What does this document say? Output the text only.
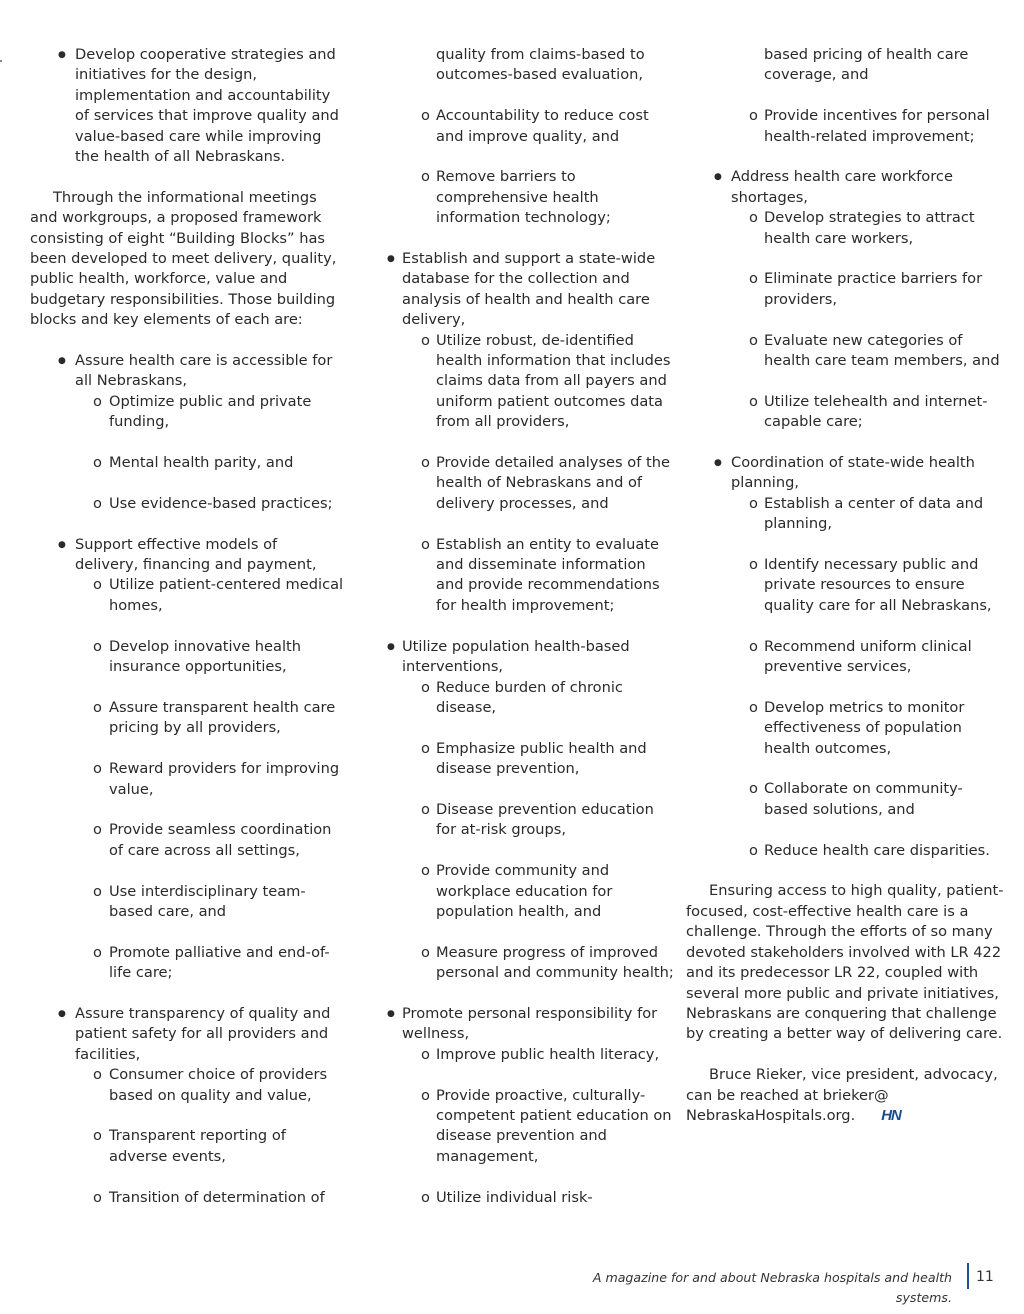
● Develop cooperative strategies and initiatives for the design, implementation and accountability of services that improve quality and value-based care while improving the health of all Nebraskans.
Through the informational meetings and workgroups, a proposed framework consisting of eight “Building Blocks” has been developed to meet delivery, quality, public health, workforce, value and budgetary responsibilities. Those building blocks and key elements of each are:
● Assure health care is accessible for all Nebraskans,
o Optimize public and private funding,
o Mental health parity, and
o Use evidence-based practices;
● Support effective models of delivery, financing and payment,
o Utilize patient-centered medical homes,
o Develop innovative health insurance opportunities,
o Assure transparent health care pricing by all providers,
o Reward providers for improving value,
o Provide seamless coordination of care across all settings,
o Use interdisciplinary team-based care, and
o Promote palliative and end-of-life care;
● Assure transparency of quality and patient safety for all providers and facilities,
o Consumer choice of providers based on quality and value,
o Transparent reporting of adverse events,
o Transition of determination of
quality from claims-based to outcomes-based evaluation,
o Accountability to reduce cost and improve quality, and
o Remove barriers to comprehensive health information technology;
● Establish and support a state-wide database for the collection and analysis of health and health care delivery,
o Utilize robust, de-identified health information that includes claims data from all payers and uniform patient outcomes data from all providers,
o Provide detailed analyses of the health of Nebraskans and of delivery processes, and
o Establish an entity to evaluate and disseminate information and provide recommendations for health improvement;
● Utilize population health-based interventions,
o Reduce burden of chronic disease,
o Emphasize public health and disease prevention,
o Disease prevention education for at-risk groups,
o Provide community and workplace education for population health, and
o Measure progress of improved personal and community health;
● Promote personal responsibility for wellness,
o Improve public health literacy,
o Provide proactive, culturally-competent patient education on disease prevention and management,
o Utilize individual risk-
based pricing of health care coverage, and
o Provide incentives for personal health-related improvement;
● Address health care workforce shortages,
o Develop strategies to attract health care workers,
o Eliminate practice barriers for providers,
o Evaluate new categories of health care team members, and
o Utilize telehealth and internet-capable care;
● Coordination of state-wide health planning,
o Establish a center of data and planning,
o Identify necessary public and private resources to ensure quality care for all Nebraskans,
o Recommend uniform clinical preventive services,
o Develop metrics to monitor effectiveness of population health outcomes,
o Collaborate on community-based solutions, and
o Reduce health care disparities.
Ensuring access to high quality, patient-focused, cost-effective health care is a challenge. Through the efforts of so many devoted stakeholders involved with LR 422 and its predecessor LR 22, coupled with several more public and private initiatives, Nebraskans are conquering that challenge by creating a better way of delivering care.
Bruce Rieker, vice president, advocacy, can be reached at brieker@ NebraskaHospitals.org. HN
A magazine for and about Nebraska hospitals and health systems.
11
